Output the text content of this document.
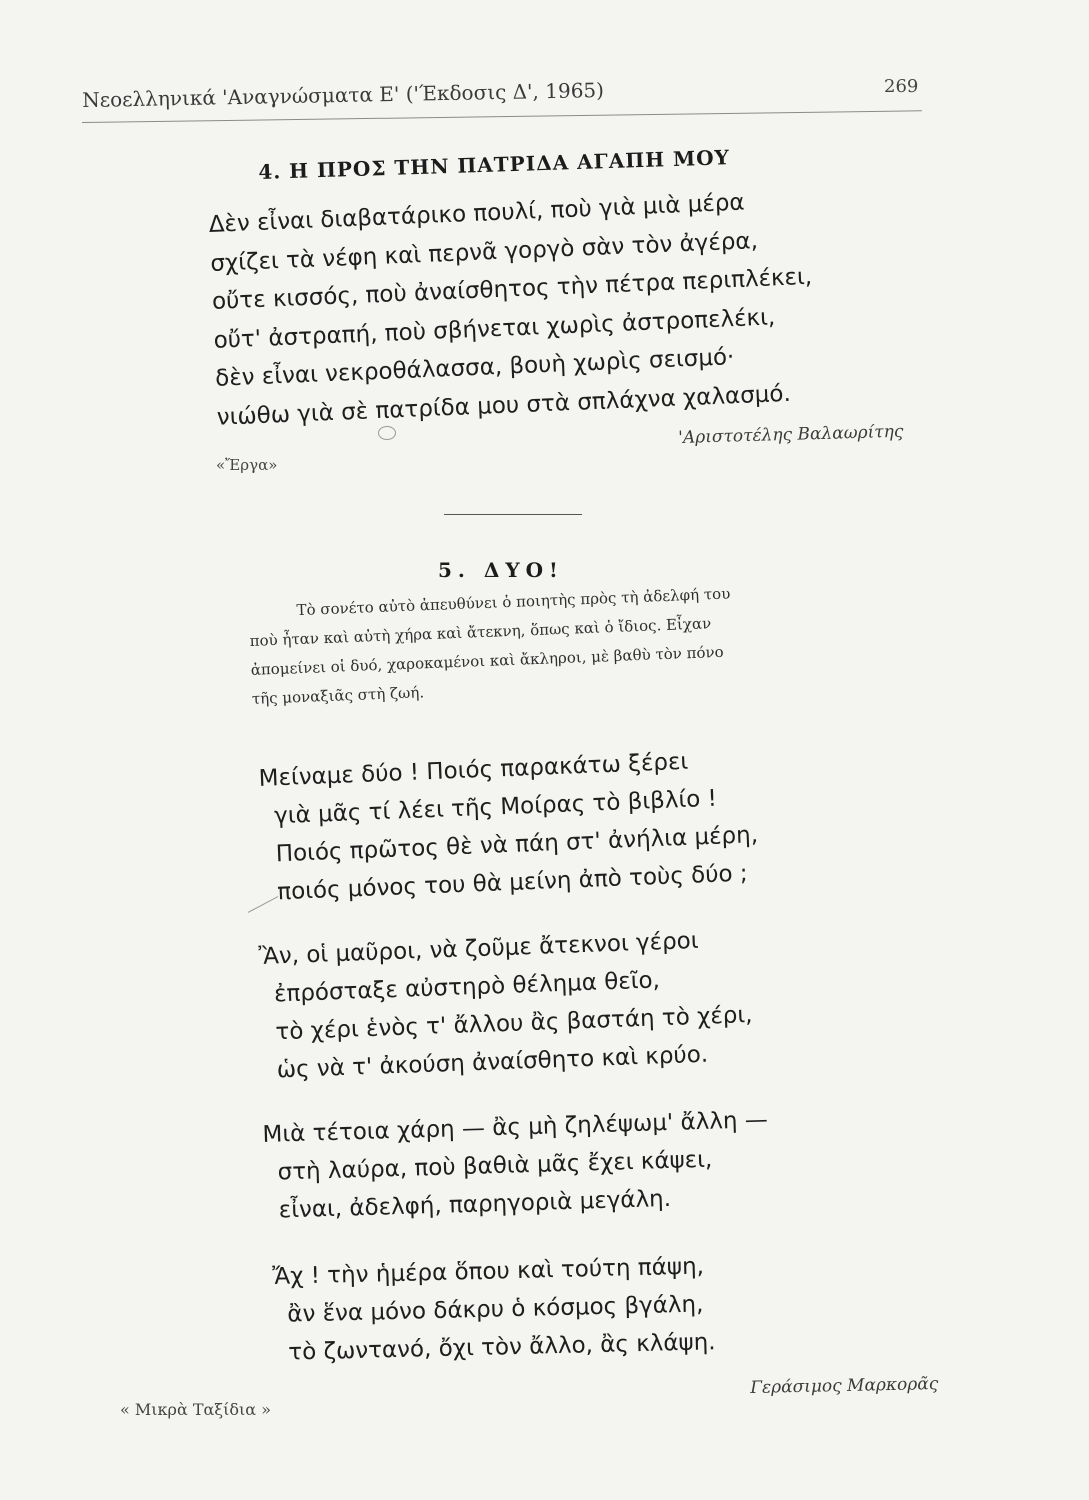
Νεοελληνικά 'Αναγνώσματα Ε' ('Έκδοσις Δ', 1965)	269
4. Η ΠΡΟΣ ΤΗΝ ΠΑΤΡΙΔΑ ΑΓΑΠΗ ΜΟΥ
Δὲν εἶναι διαβατάρικο πουλί, ποὺ γιὰ μιὰ μέρα
σχίζει τὰ νέφη καὶ περνᾶ γοργὸ σὰν τὸν ἀγέρα,
οὔτε κισσός, ποὺ ἀναίσθητος τὴν πέτρα περιπλέκει,
οὔτ' ἀστραπή, ποὺ σβήνεται χωρὶς ἀστροπελέκι,
δὲν εἶναι νεκροθάλασσα, βουὴ χωρὶς σεισμό·
νιώθω γιὰ σὲ πατρίδα μου στὰ σπλάχνα χαλασμό.
«Ἔργα»
'Αριστοτέλης Βαλαωρίτης
5. ΔΥΟ!
Τὸ σονέτο αὐτὸ ἀπευθύνει ὁ ποιητὴς πρὸς τὴ ἀδελφή του
ποὺ ἦταν καὶ αὐτὴ χήρα καὶ ἄτεκνη, ὅπως καὶ ὁ ἴδιος. Εἶχαν
ἀπομείνει οἱ δυό, χαροκαμένοι καὶ ἄκληροι, μὲ βαθὺ τὸν πόνο
τῆς μοναξιᾶς στὴ ζωή.
Μείναμε δύο ! Ποιός παρακάτω ξέρει
γιὰ μᾶς τί λέει τῆς Μοίρας τὸ βιβλίο !
Ποιός πρῶτος θὲ νὰ πάη στ' ἀνήλια μέρη,
ποιός μόνος του θὰ μείνη ἀπὸ τοὺς δύο ;
Ἂν, οἱ μαῦροι, νὰ ζοῦμε ἄτεκνοι γέροι
ἐπρόσταξε αὐστηρὸ θέλημα θεῖο,
τὸ χέρι ἑνὸς τ' ἄλλου ἂς βαστάη τὸ χέρι,
ὡς νὰ τ' ἀκούση ἀναίσθητο καὶ κρύο.
Μιὰ τέτοια χάρη — ἂς μὴ ζηλέψωμ' ἄλλη —
στὴ λαύρα, ποὺ βαθιὰ μᾶς ἔχει κάψει,
εἶναι, ἀδελφή, παρηγοριὰ μεγάλη.
Ἄχ ! τὴν ἡμέρα ὅπου καὶ τούτη πάψη,
ἂν ἕνα μόνο δάκρυ ὁ κόσμος βγάλη,
τὸ ζωντανό, ὄχι τὸν ἄλλο, ἂς κλάψη.
Γεράσιμος Μαρκορᾶς
« Μικρὰ Ταξίδια »
